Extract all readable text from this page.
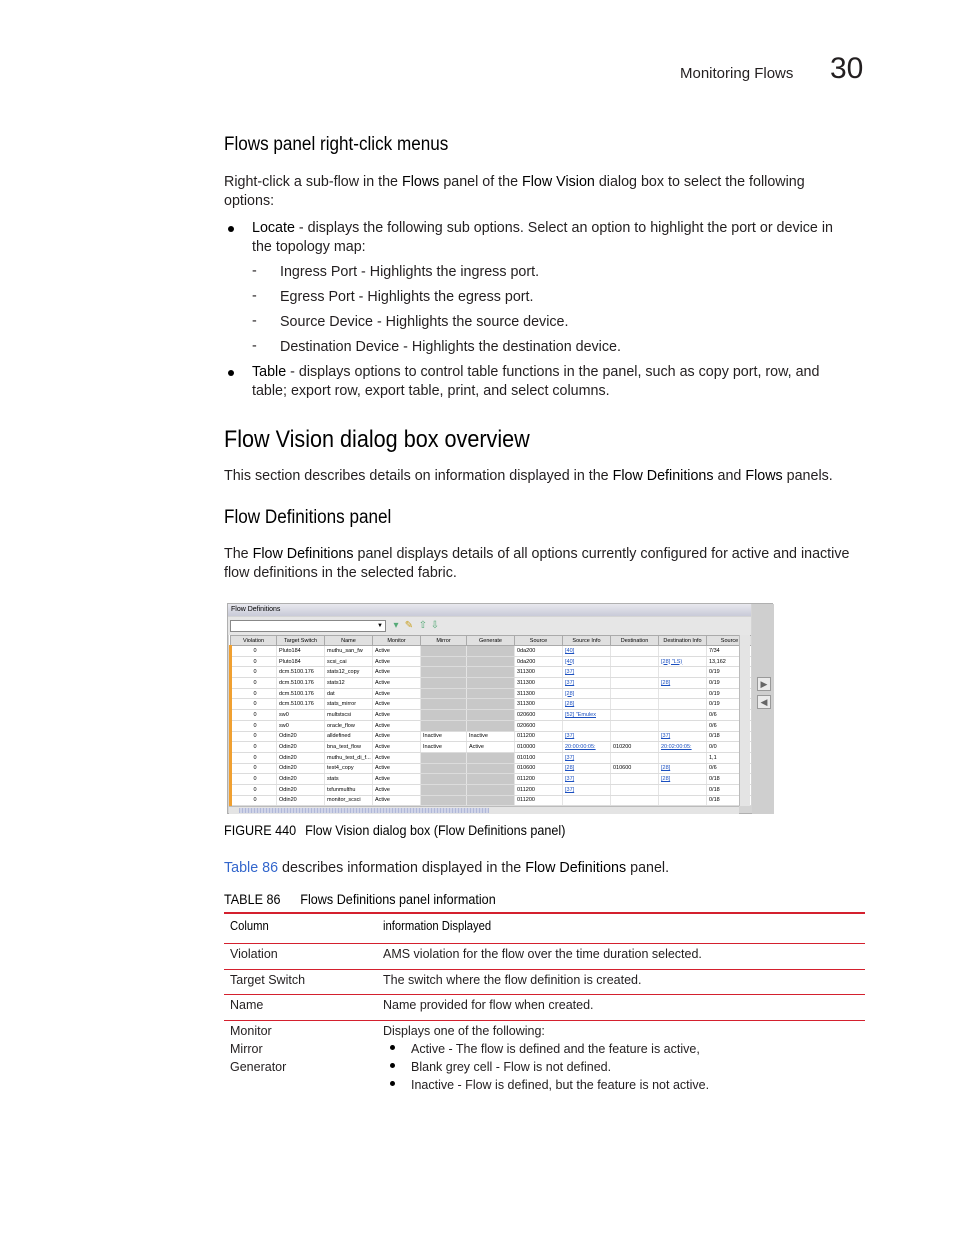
Monitoring Flows 30
Flows panel right-click menus
Right-click a sub-flow in the Flows panel of the Flow Vision dialog box to select the following
options:
Locate - displays the following sub options. Select an option to highlight the port or device in
the topology map:
- Ingress Port - Highlights the ingress port.
- Egress Port - Highlights the egress port.
- Source Device - Highlights the source device.
- Destination Device - Highlights the destination device.
Table - displays options to control table functions in the panel, such as copy port, row, and
table; export row, export table, print, and select columns.
Flow Vision dialog box overview
This section describes details on information displayed in the Flow Definitions and Flows panels.
Flow Definitions panel
The Flow Definitions panel displays details of all options currently configured for active and inactive
flow definitions in the selected fabric.
Flow Definitions
▼	▾ ✎ ⇧ ⇩
Violation	Target Switch	Name	Monitor	Mirror	Generate	Source	Source Info	Destination	Destination Info	Source
0	Pluto184	muthu_san_fw	Active			0da200	[40]			7/34
0	Pluto184	scsi_cai	Active			0da200	[40]		[28] "LS)	13,162
0	dcm.5100.176	stats12_copy	Active			311300	[37]			0/19
0	dcm.5100.176	stats12	Active			311300	[37]		[28]	0/19
0	dcm.5100.176	dat	Active			311300	[28]			0/19
0	dcm.5100.176	stats_mirror	Active			311300	[28]			0/19
0	sw0	multstscsi	Active			020600	[52] "Emulex			0/6
0	sw0	oracle_flow	Active			020600				0/6
0	Odin20	alldefined	Active	Inactive	Inactive	011200	[37]		[37]	0/18
0	Odin20	bna_test_flow	Active	Inactive	Active	010000	20:00:00:05:	010200	20:02:00:05:	0/0
0	Odin20	muthu_test_di_f...	Active			010100	[37]			1,1
0	Odin20	test4_copy	Active			010600	[28]	010600	[28]	0/6
0	Odin20	stats	Active			011200	[37]		[28]	0/18
0	Odin20	txfunmulthu	Active			011200	[37]			0/18
0	Odin20	monitor_scsci	Active			011200				0/18
▶
◀
FIGURE 440 Flow Vision dialog box (Flow Definitions panel)
Table 86 describes information displayed in the Flow Definitions panel.
TABLE 86 Flows Definitions panel information
Column	information Displayed
Violation	AMS violation for the flow over the time duration selected.
Target Switch	The switch where the flow definition is created.
Name	Name provided for flow when created.
Monitor
Mirror
Generator
Displays one of the following:
Active - The flow is defined and the feature is active,
Blank grey cell - Flow is not defined.
Inactive - Flow is defined, but the feature is not active.
